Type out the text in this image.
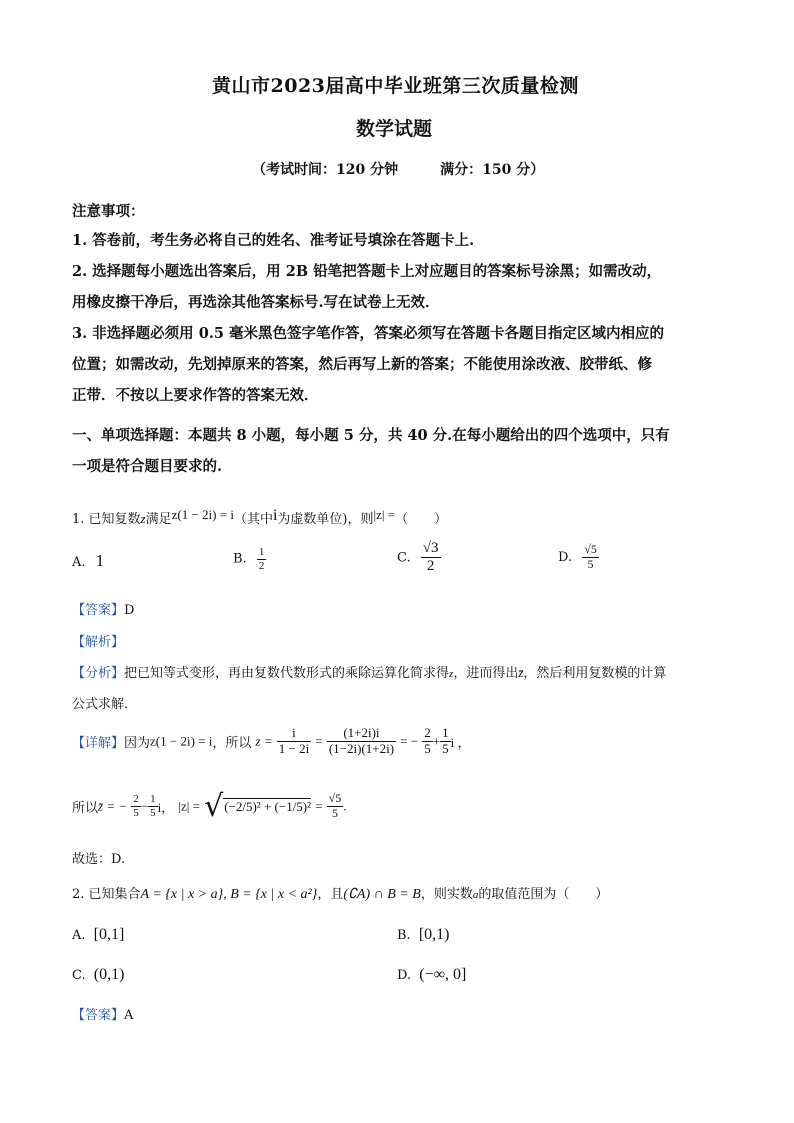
黄山市2023届高中毕业班第三次质量检测
数学试题
（考试时间：120 分钟　　　满分：150 分）
注意事项：
1. 答卷前，考生务必将自己的姓名、准考证号填涂在答题卡上.
2. 选择题每小题选出答案后，用 2B 铅笔把答题卡上对应题目的答案标号涂黑；如需改动，
用橡皮擦干净后，再选涂其他答案标号.写在试卷上无效．
3. 非选择题必须用 0.5 毫米黑色签字笔作答，答案必须写在答题卡各题目指定区域内相应的
位置；如需改动，先划掉原来的答案，然后再写上新的答案；不能使用涂改液、胶带纸、修
正带．不按以上要求作答的答案无效．
一、单项选择题：本题共 8 小题，每小题 5 分，共 40 分.在每小题给出的四个选项中，只有
一项是符合题目要求的.
1. 已知复数z满足z(1 − 2i) = i（其中i为虚数单位)，则|z| =（　　）
A. 1	B. $\frac{1}{2}$	C. $\frac{√3}{2}$	D. $\frac{√5}{5}$
【答案】D
【解析】
【分析】把已知等式变形，再由复数代数形式的乘除运算化简求得z，进而得出z̄，然后利用复数模的计算
公式求解．
【详解】因为z(1 − 2i) = i，所以 $z = \frac{i}{1 - 2i} = \frac{(1+2i)i}{(1-2i)(1+2i)}$ = − $\frac{2}{5} + \frac{1}{5}$ i ，
所以z̄ = − $\frac{2}{5} - \frac{1}{5}$ i， $|z| = √(-2/5)^2 + (-1/5)^2 = \frac{√5}{5}$ .
故选：D.
2. 已知集合A = {x | x > a}, B = {x | x < a²}，且(∁A) ∩ B = B，则实数a的取值范围为（　　）
A. [0,1]	B. [0,1)
C. (0,1)	D. (−∞, 0]
【答案】A
